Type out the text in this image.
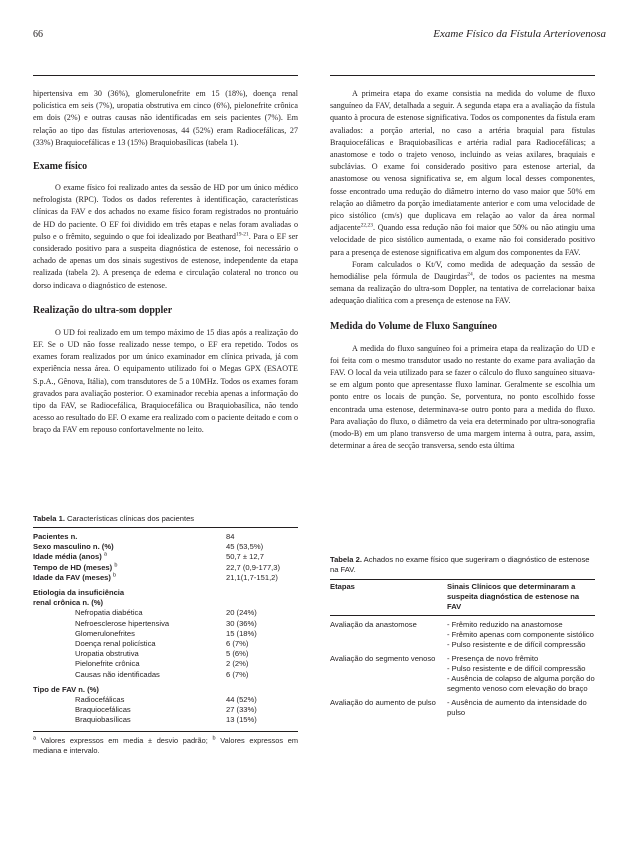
66	Exame Físico da Fístula Arteriovenosa

hipertensiva em 30 (36%), glomerulonefrite em 15 (18%), doença renal policística em seis (7%), uropatia obstrutiva em cinco (6%), pielonefrite crônica em dois (2%) e outras causas não identificadas em seis pacientes (7%). Em relação ao tipo das fístulas arteriovenosas, 44 (52%) eram Radiocefálicas, 27 (33%) Braquiocefálicas e 13 (15%) Braquiobasílicas (tabela 1).

Exame físico

O exame físico foi realizado antes da sessão de HD por um único médico nefrologista (RPC). Todos os dados referentes à identificação, características clínicas da FAV e dos achados no exame físico foram registrados no prontuário de HD do paciente. O EF foi dividido em três etapas e nelas foram avaliadas o pulso e o frêmito, seguindo o que foi idealizado por Beathard$^{19-21}$. Para o EF ser considerado positivo para a suspeita diagnóstica de estenose, foi necessário o achado de apenas um dos sinais sugestivos de estenose, independente da etapa realizada (tabela 2). A presença de edema e circulação colateral no tronco ou dorso indicava o diagnóstico de estenose.

Realização do ultra-som doppler

O UD foi realizado em um tempo máximo de 15 dias após a realização do EF. Se o UD não fosse realizado nesse tempo, o EF era repetido. Todos os exames foram realizados por um único examinador em clínica privada, já com experiência nessa área. O equipamento utilizado foi o Megas GPX (ESAOTE S.p.A., Gênova, Itália), com transdutores de 5 a 10MHz. Todos os exames foram gravados para avaliação posterior. O examinador recebia apenas a informação do tipo da FAV, se Radiocefálica, Braquiocefálica ou Braquiobasílica, não tendo acesso ao resultado do EF. O exame era realizado com o paciente deitado e com o braço da FAV em repouso confortavelmente no leito.

A primeira etapa do exame consistia na medida do volume de fluxo sanguíneo da FAV, detalhada a seguir. A segunda etapa era a avaliação da fístula quanto à procura de estenose significativa. Todos os componentes da fístula eram avaliados: a porção arterial, no caso a artéria braquial para fístulas Braquiocefálicas e Braquiobasílicas e artéria radial para Radiocefálicas; a anastomose e todo o trajeto venoso, incluindo as veias axilares, braquiais e subclávias. O exame foi considerado positivo para estenose arterial, da anastomose ou venosa significativa se, em algum local desses componentes, fosse encontrado uma redução do diâmetro interno do vaso maior que 50% em relação ao diâmetro da porção imediatamente anterior e com uma velocidade de pico sistólico (cm/s) que duplicava em relação ao valor da área normal adjacente$^{22,23}$. Quando essa redução não foi maior que 50% ou não atingiu uma velocidade de pico sistólico aumentada, o exame não foi considerado positivo para a presença de estenose significativa em algum dos componentes da FAV.

Foram calculados o Kt/V, como medida de adequação da sessão de hemodiálise pela fórmula de Daugirdas$^{24}$, de todos os pacientes na mesma semana da realização do ultra-som Doppler, na tentativa de correlacionar baixa adequação dialítica com a presença de estenose na FAV.

Medida do Volume de Fluxo Sanguíneo

A medida do fluxo sanguíneo foi a primeira etapa da realização do UD e foi feita com o mesmo transdutor usado no restante do exame para avaliação da FAV. O local da veia utilizado para se fazer o cálculo do fluxo sanguíneo situava-se em algum ponto que apresentasse fluxo laminar. Geralmente se escolhia um ponto entre os locais de punção. Se, porventura, no ponto escolhido fosse encontrada uma estenose, determinava-se outro ponto para a medida do fluxo. Para avaliação do fluxo, o diâmetro da veia era determinado por ultra-sonografia (modo-B) em um plano transverso de uma margem interna à outra, para, assim, determinar a área de secção transversa, sendo esta última

Tabela 1. Características clínicas dos pacientes
Pacientes n.	84
Sexo masculino n. (%)	45 (53,5%)
Idade média (anos) $^a$	50,7 ± 12,7
Tempo de HD (meses) $^b$	22,7 (0,9-177,3)
Idade da FAV (meses) $^b$	21,1(1,7-151,2)
Etiologia da insuficiência
renal crônica n. (%)
Nefropatia diabética	20 (24%)
Nefroesclerose hipertensiva	30 (36%)
Glomerulonefrites	15 (18%)
Doença renal policística	6 (7%)
Uropatia obstrutiva	5 (6%)
Pielonefrite crônica	2 (2%)
Causas não identificadas	6 (7%)
Tipo de FAV n. (%)
Radiocefálicas	44 (52%)
Braquiocefálicas	27 (33%)
Braquiobasílicas	13 (15%)
$^a$ Valores expressos em media ± desvio padrão; $^b$ Valores expressos em mediana e intervalo.
Tabela 2. Achados no exame físico que sugeriram o diagnóstico de estenose na FAV.
Etapas	Sinais Clínicos que determinaram a suspeita diagnóstica de estenose na FAV
Avaliação da anastomose	- Frêmito reduzido na anastomose
- Frêmito apenas com componente sistólico
- Pulso resistente e de difícil compressão
Avaliação do segmento venoso	- Presença de novo frêmito
- Pulso resistente e de difícil compressão
- Ausência de colapso de alguma porção do segmento venoso com elevação do braço
Avaliação do aumento de pulso	- Ausência de aumento da intensidade do pulso
